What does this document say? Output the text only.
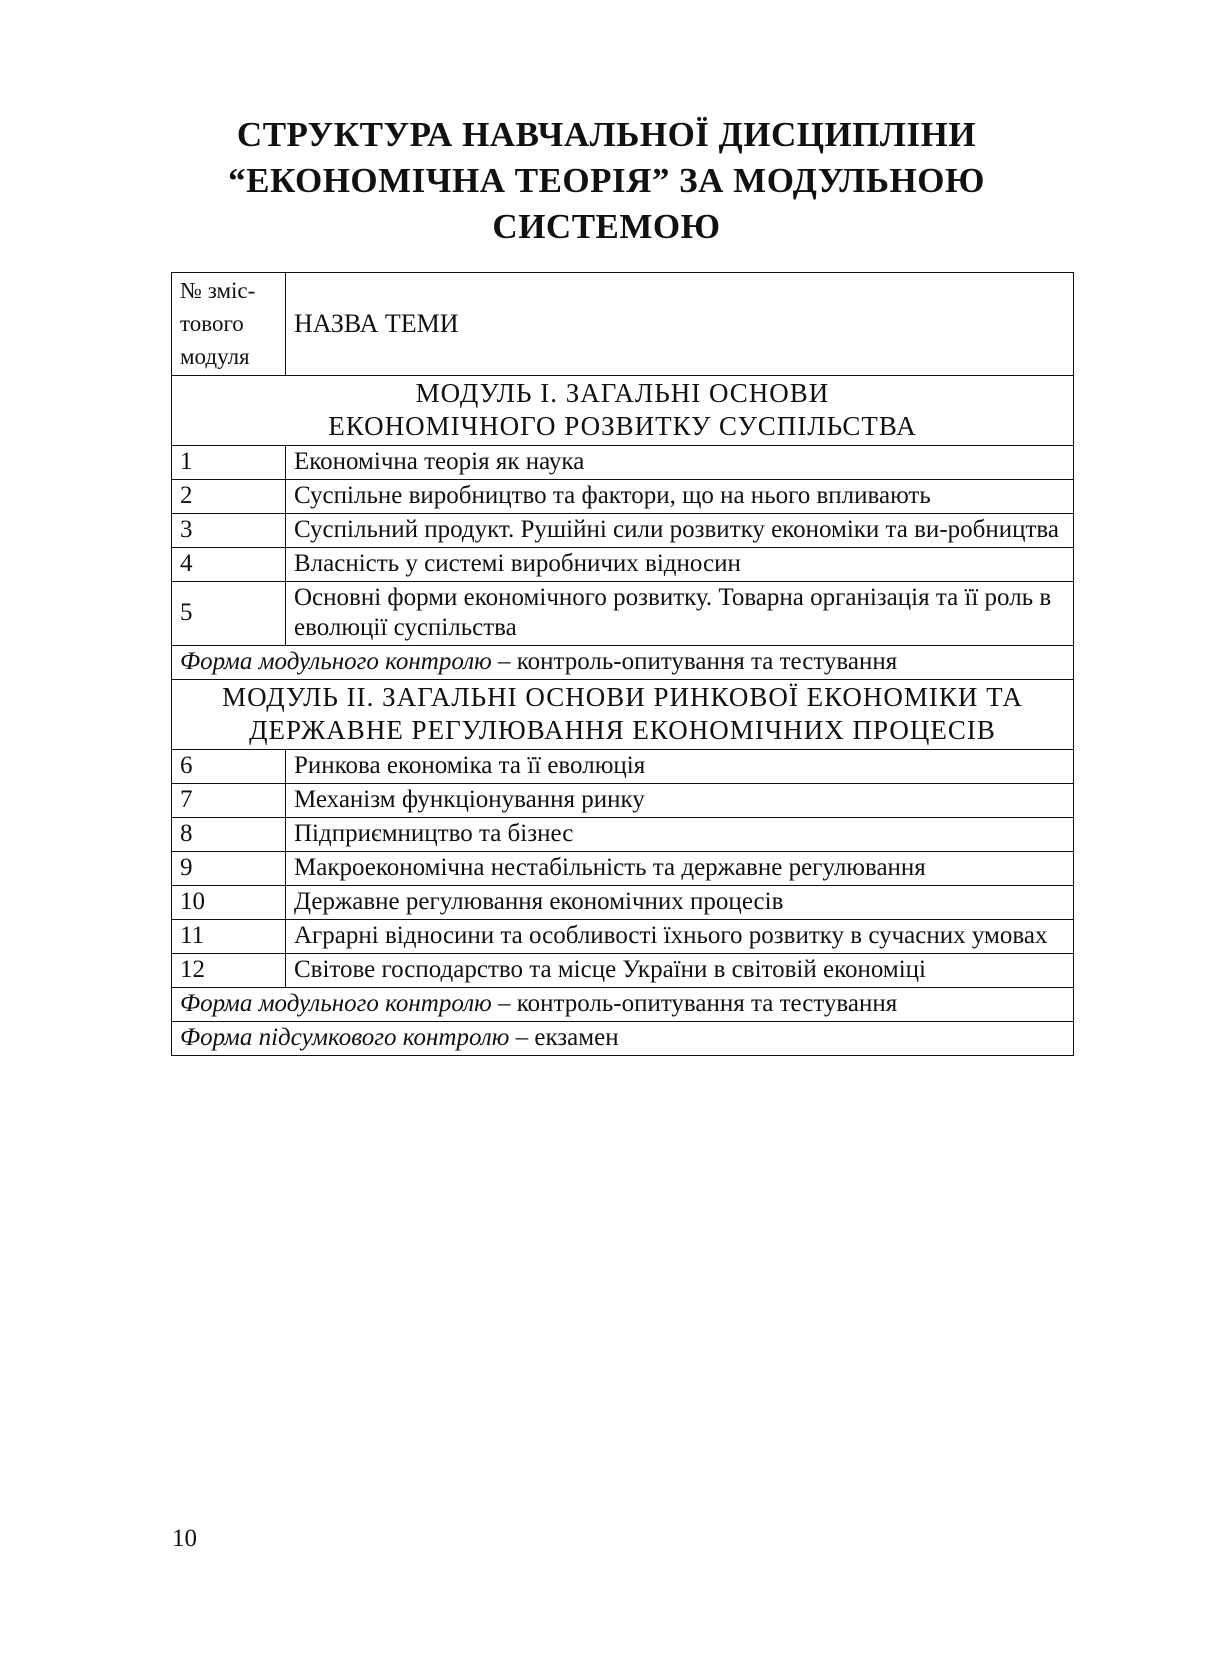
СТРУКТУРА НАВЧАЛЬНОЇ ДИСЦИПЛІНИ
“ЕКОНОМІЧНА ТЕОРІЯ” ЗА МОДУЛЬНОЮ
СИСТЕМОЮ
№ зміс-
тового
модуля	НАЗВА ТЕМИ

МОДУЛЬ І. ЗАГАЛЬНІ ОСНОВИ
ЕКОНОМІЧНОГО РОЗВИТКУ СУСПІЛЬСТВА	

1	Економічна теорія як наука
2	Суспільне виробництво та фактори, що на нього впливають
3	Суспільний продукт. Рушійні сили розвитку економіки та ви-робництва
4	Власність у системі виробничих відносин
5	Основні форми економічного розвитку. Товарна організація та її роль в еволюції суспільства
Форма модульного контролю – контроль-опитування та тестування	

МОДУЛЬ ІІ. ЗАГАЛЬНІ ОСНОВИ РИНКОВОЇ ЕКОНОМІКИ ТА
ДЕРЖАВНЕ РЕГУЛЮВАННЯ ЕКОНОМІЧНИХ ПРОЦЕСІВ	

6	Ринкова економіка та її еволюція
7	Механізм функціонування ринку
8	Підприємництво та бізнес
9	Макроекономічна нестабільність та державне регулювання
10	Державне регулювання економічних процесів
11	Аграрні відносини та особливості їхнього розвитку в сучасних умовах
12	Світове господарство та місце України в світовій економіці
Форма модульного контролю – контроль-опитування та тестування	
Форма підсумкового контролю – екзамен	
10
